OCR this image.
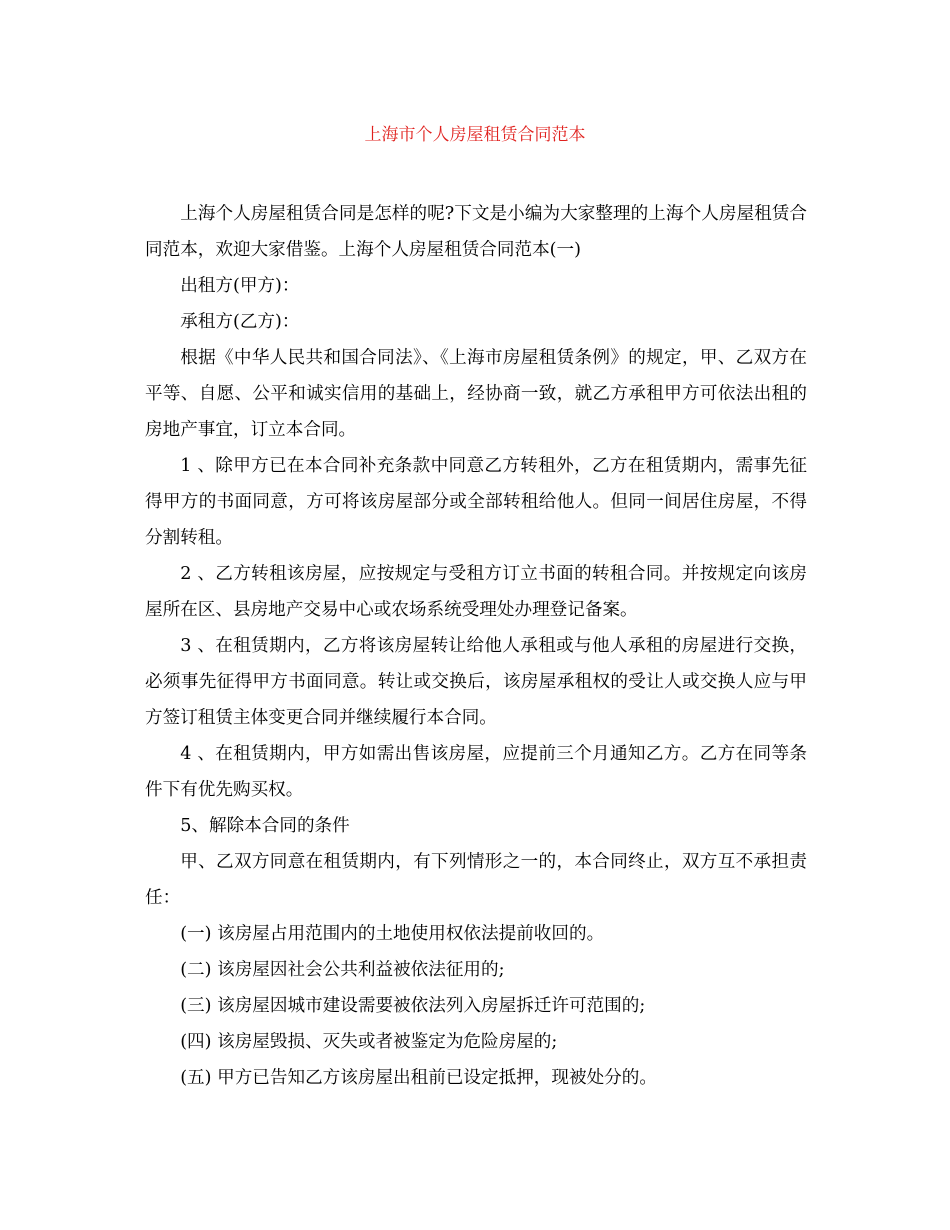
上海市个人房屋租赁合同范本

上海个人房屋租赁合同是怎样的呢?下文是小编为大家整理的上海个人房屋租赁合同范本，欢迎大家借鉴。上海个人房屋租赁合同范本(一)

出租方(甲方)：

承租方(乙方)：

根据《中华人民共和国合同法》、《上海市房屋租赁条例》的规定，甲、乙双方在平等、自愿、公平和诚实信用的基础上，经协商一致，就乙方承租甲方可依法出租的房地产事宜，订立本合同。

1 、除甲方已在本合同补充条款中同意乙方转租外，乙方在租赁期内，需事先征得甲方的书面同意，方可将该房屋部分或全部转租给他人。但同一间居住房屋，不得分割转租。

2 、乙方转租该房屋，应按规定与受租方订立书面的转租合同。并按规定向该房屋所在区、县房地产交易中心或农场系统受理处办理登记备案。

3 、在租赁期内，乙方将该房屋转让给他人承租或与他人承租的房屋进行交换，必须事先征得甲方书面同意。转让或交换后，该房屋承租权的受让人或交换人应与甲方签订租赁主体变更合同并继续履行本合同。

4 、在租赁期内，甲方如需出售该房屋，应提前三个月通知乙方。乙方在同等条件下有优先购买权。

5、解除本合同的条件

甲、乙双方同意在租赁期内，有下列情形之一的，本合同终止，双方互不承担责任：

(一) 该房屋占用范围内的土地使用权依法提前收回的。

(二) 该房屋因社会公共利益被依法征用的;

(三) 该房屋因城市建设需要被依法列入房屋拆迁许可范围的;

(四) 该房屋毁损、灭失或者被鉴定为危险房屋的;

(五) 甲方已告知乙方该房屋出租前已设定抵押，现被处分的。
